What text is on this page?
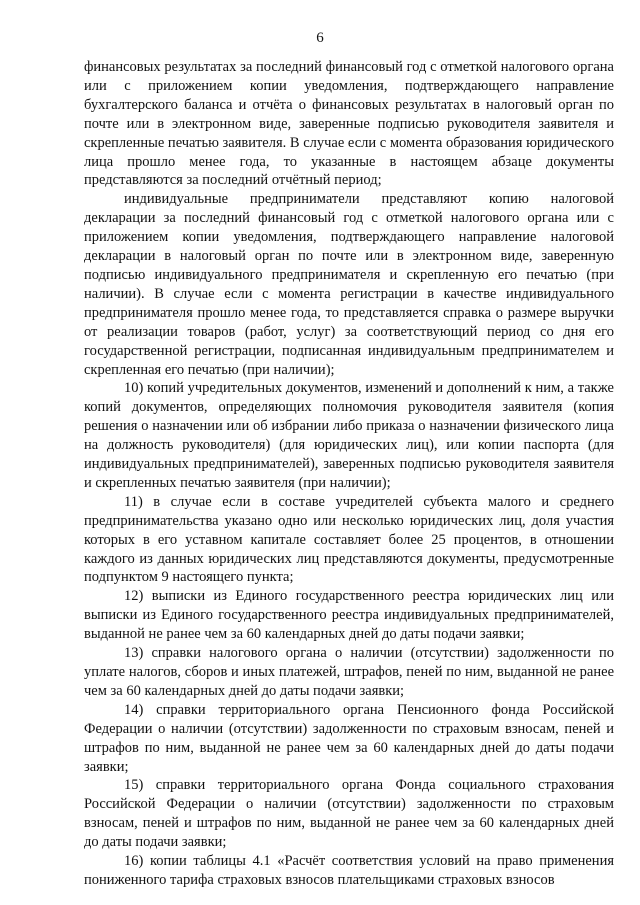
6

финансовых результатах за последний финансовый год с отметкой налогового органа или с приложением копии уведомления, подтверждающего направление бухгалтерского баланса и отчёта о финансовых результатах в налоговый орган по почте или в электронном виде, заверенные подписью руководителя заявителя и скрепленные печатью заявителя. В случае если с момента образования юридического лица прошло менее года, то указанные в настоящем абзаце документы представляются за последний отчётный период;

индивидуальные предприниматели представляют копию налоговой декларации за последний финансовый год с отметкой налогового органа или с приложением копии уведомления, подтверждающего направление налоговой декларации в налоговый орган по почте или в электронном виде, заверенную подписью индивидуального предпринимателя и скрепленную его печатью (при наличии). В случае если с момента регистрации в качестве индивидуального предпринимателя прошло менее года, то представляется справка о размере выручки от реализации товаров (работ, услуг) за соответствующий период со дня его государственной регистрации, подписанная индивидуальным предпринимателем и скрепленная его печатью (при наличии);

10) копий учредительных документов, изменений и дополнений к ним, а также копий документов, определяющих полномочия руководителя заявителя (копия решения о назначении или об избрании либо приказа о назначении физического лица на должность руководителя) (для юридических лиц), или копии паспорта (для индивидуальных предпринимателей), заверенных подписью руководителя заявителя и скрепленных печатью заявителя (при наличии);

11) в случае если в составе учредителей субъекта малого и среднего предпринимательства указано одно или несколько юридических лиц, доля участия которых в его уставном капитале составляет более 25 процентов, в отношении каждого из данных юридических лиц представляются документы, предусмотренные подпунктом 9 настоящего пункта;

12) выписки из Единого государственного реестра юридических лиц или выписки из Единого государственного реестра индивидуальных предпринимателей, выданной не ранее чем за 60 календарных дней до даты подачи заявки;

13) справки налогового органа о наличии (отсутствии) задолженности по уплате налогов, сборов и иных платежей, штрафов, пеней по ним, выданной не ранее чем за 60 календарных дней до даты подачи заявки;

14) справки территориального органа Пенсионного фонда Российской Федерации о наличии (отсутствии) задолженности по страховым взносам, пеней и штрафов по ним, выданной не ранее чем за 60 календарных дней до даты подачи заявки;

15) справки территориального органа Фонда социального страхования Российской Федерации о наличии (отсутствии) задолженности по страховым взносам, пеней и штрафов по ним, выданной не ранее чем за 60 календарных дней до даты подачи заявки;

16) копии таблицы 4.1 «Расчёт соответствия условий на право применения пониженного тарифа страховых взносов плательщиками страховых взносов
